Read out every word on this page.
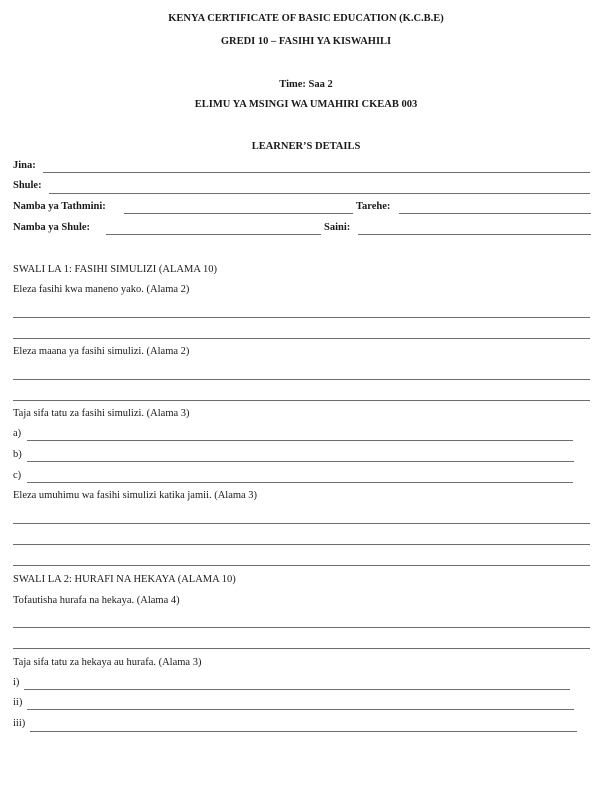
KENYA CERTIFICATE OF BASIC EDUCATION (K.C.B.E)
GREDI 10 – FASIHI YA KISWAHILI
Time: Saa 2
ELIMU YA MSINGI WA UMAHIRI CKEAB 003
LEARNER’S DETAILS
Jina:
Shule:
Namba ya Tathmini:	Tarehe:
Namba ya Shule:	Saini:
SWALI LA 1: FASIHI SIMULIZI (ALAMA 10)
Eleza fasihi kwa maneno yako. (Alama 2)
Eleza maana ya fasihi simulizi. (Alama 2)
Taja sifa tatu za fasihi simulizi. (Alama 3)
a)
b)
c)
Eleza umuhimu wa fasihi simulizi katika jamii. (Alama 3)
SWALI LA 2: HURAFI NA HEKAYA (ALAMA 10)
Tofautisha hurafa na hekaya. (Alama 4)
Taja sifa tatu za hekaya au hurafa. (Alama 3)
i)
ii)
iii)
